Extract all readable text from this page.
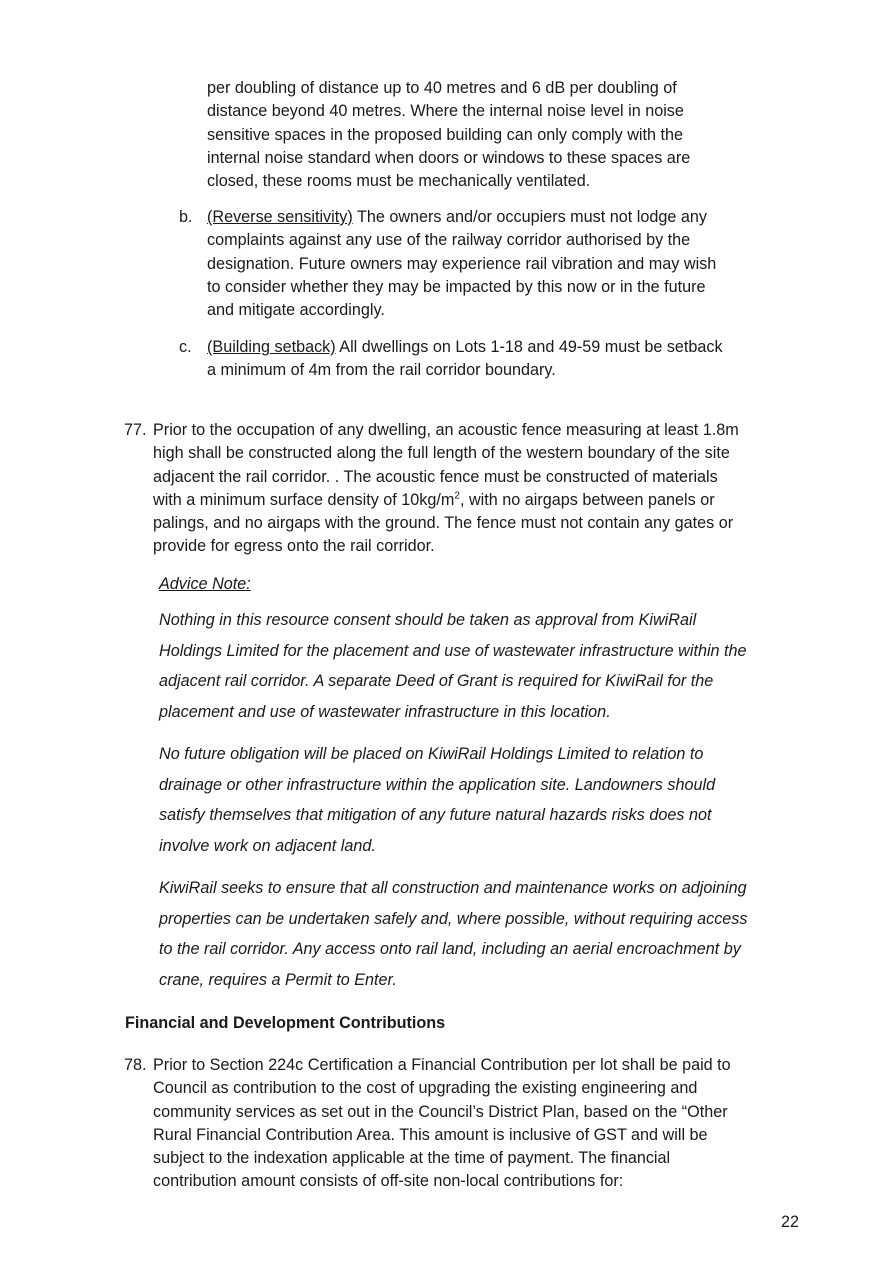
per doubling of distance up to 40 metres and 6 dB per doubling of
distance beyond 40 metres. Where the internal noise level in noise
sensitive spaces in the proposed building can only comply with the
internal noise standard when doors or windows to these spaces are
closed, these rooms must be mechanically ventilated.
b. (Reverse sensitivity) The owners and/or occupiers must not lodge any
complaints against any use of the railway corridor authorised by the
designation. Future owners may experience rail vibration and may wish
to consider whether they may be impacted by this now or in the future
and mitigate accordingly.
c. (Building setback) All dwellings on Lots 1-18 and 49-59 must be setback
a minimum of 4m from the rail corridor boundary.
77. Prior to the occupation of any dwelling, an acoustic fence measuring at least 1.8m
high shall be constructed along the full length of the western boundary of the site
adjacent the rail corridor. . The acoustic fence must be constructed of materials
with a minimum surface density of $10kg/m^2$, with no airgaps between panels or
palings, and no airgaps with the ground. The fence must not contain any gates or
provide for egress onto the rail corridor.
Advice Note:
Nothing in this resource consent should be taken as approval from KiwiRail
Holdings Limited for the placement and use of wastewater infrastructure within the
adjacent rail corridor. A separate Deed of Grant is required for KiwiRail for the
placement and use of wastewater infrastructure in this location.
No future obligation will be placed on KiwiRail Holdings Limited to relation to
drainage or other infrastructure within the application site. Landowners should
satisfy themselves that mitigation of any future natural hazards risks does not
involve work on adjacent land.
KiwiRail seeks to ensure that all construction and maintenance works on adjoining
properties can be undertaken safely and, where possible, without requiring access
to the rail corridor. Any access onto rail land, including an aerial encroachment by
crane, requires a Permit to Enter.
Financial and Development Contributions
78. Prior to Section 224c Certification a Financial Contribution per lot shall be paid to
Council as contribution to the cost of upgrading the existing engineering and
community services as set out in the Council’s District Plan, based on the “Other
Rural Financial Contribution Area. This amount is inclusive of GST and will be
subject to the indexation applicable at the time of payment. The financial
contribution amount consists of off-site non-local contributions for:
22
